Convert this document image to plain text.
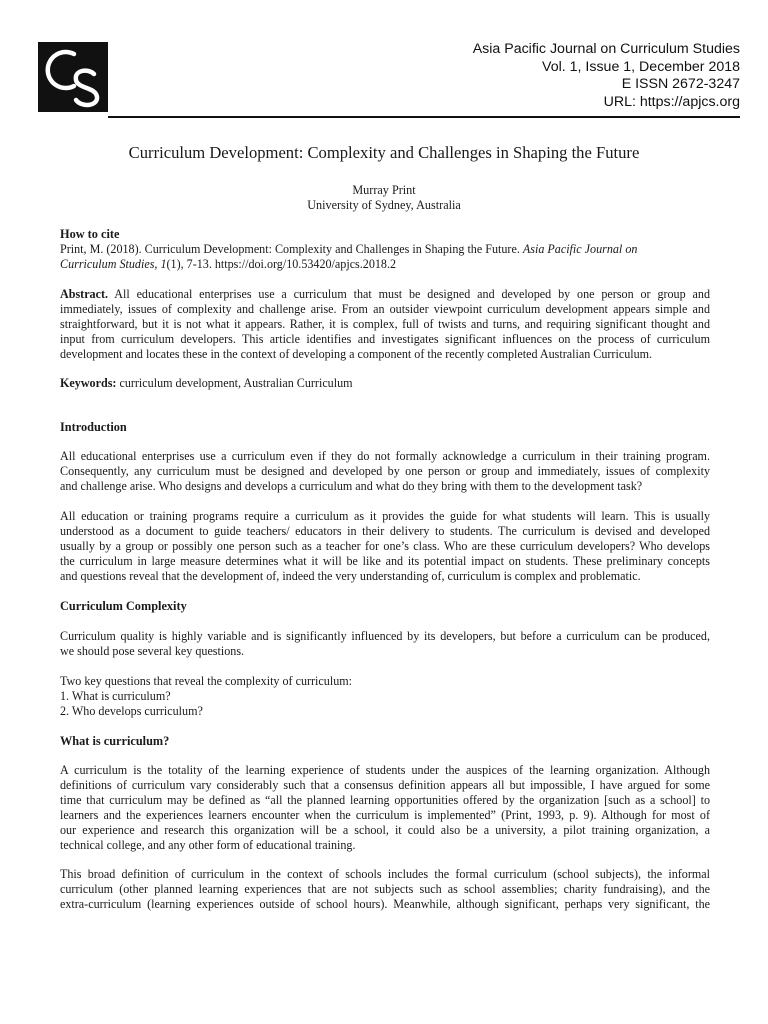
Asia Pacific Journal on Curriculum Studies
Vol. 1, Issue 1, December 2018
E ISSN 2672-3247
URL: https://apjcs.org
Curriculum Development: Complexity and Challenges in Shaping the Future
Murray Print
University of Sydney, Australia
How to cite
Print, M. (2018). Curriculum Development: Complexity and Challenges in Shaping the Future. Asia Pacific Journal on
Curriculum Studies, 1(1), 7-13. https://doi.org/10.53420/apjcs.2018.2
Abstract. All educational enterprises use a curriculum that must be designed and developed by one person or group and
immediately, issues of complexity and challenge arise. From an outsider viewpoint curriculum development appears simple and
straightforward, but it is not what it appears. Rather, it is complex, full of twists and turns, and requiring significant thought and
input from curriculum developers. This article identifies and investigates significant influences on the process of curriculum
development and locates these in the context of developing a component of the recently completed Australian Curriculum.
Keywords: curriculum development, Australian Curriculum
Introduction
All educational enterprises use a curriculum even if they do not formally acknowledge a curriculum in their training program.
Consequently, any curriculum must be designed and developed by one person or group and immediately, issues of complexity
and challenge arise. Who designs and develops a curriculum and what do they bring with them to the development task?
All education or training programs require a curriculum as it provides the guide for what students will learn. This is usually
understood as a document to guide teachers/ educators in their delivery to students. The curriculum is devised and developed
usually by a group or possibly one person such as a teacher for one’s class. Who are these curriculum developers? Who develops
the curriculum in large measure determines what it will be like and its potential impact on students. These preliminary concepts
and questions reveal that the development of, indeed the very understanding of, curriculum is complex and problematic.
Curriculum Complexity
Curriculum quality is highly variable and is significantly influenced by its developers, but before a curriculum can be produced,
we should pose several key questions.
Two key questions that reveal the complexity of curriculum:
1. What is curriculum?
2. Who develops curriculum?
What is curriculum?
A curriculum is the totality of the learning experience of students under the auspices of the learning organization. Although
definitions of curriculum vary considerably such that a consensus definition appears all but impossible, I have argued for some
time that curriculum may be defined as “all the planned learning opportunities offered by the organization [such as a school] to
learners and the experiences learners encounter when the curriculum is implemented” (Print, 1993, p. 9). Although for most of
our experience and research this organization will be a school, it could also be a university, a pilot training organization, a
technical college, and any other form of educational training.
This broad definition of curriculum in the context of schools includes the formal curriculum (school subjects), the informal
curriculum (other planned learning experiences that are not subjects such as school assemblies; charity fundraising), and the
extra-curriculum (learning experiences outside of school hours). Meanwhile, although significant, perhaps very significant, the
